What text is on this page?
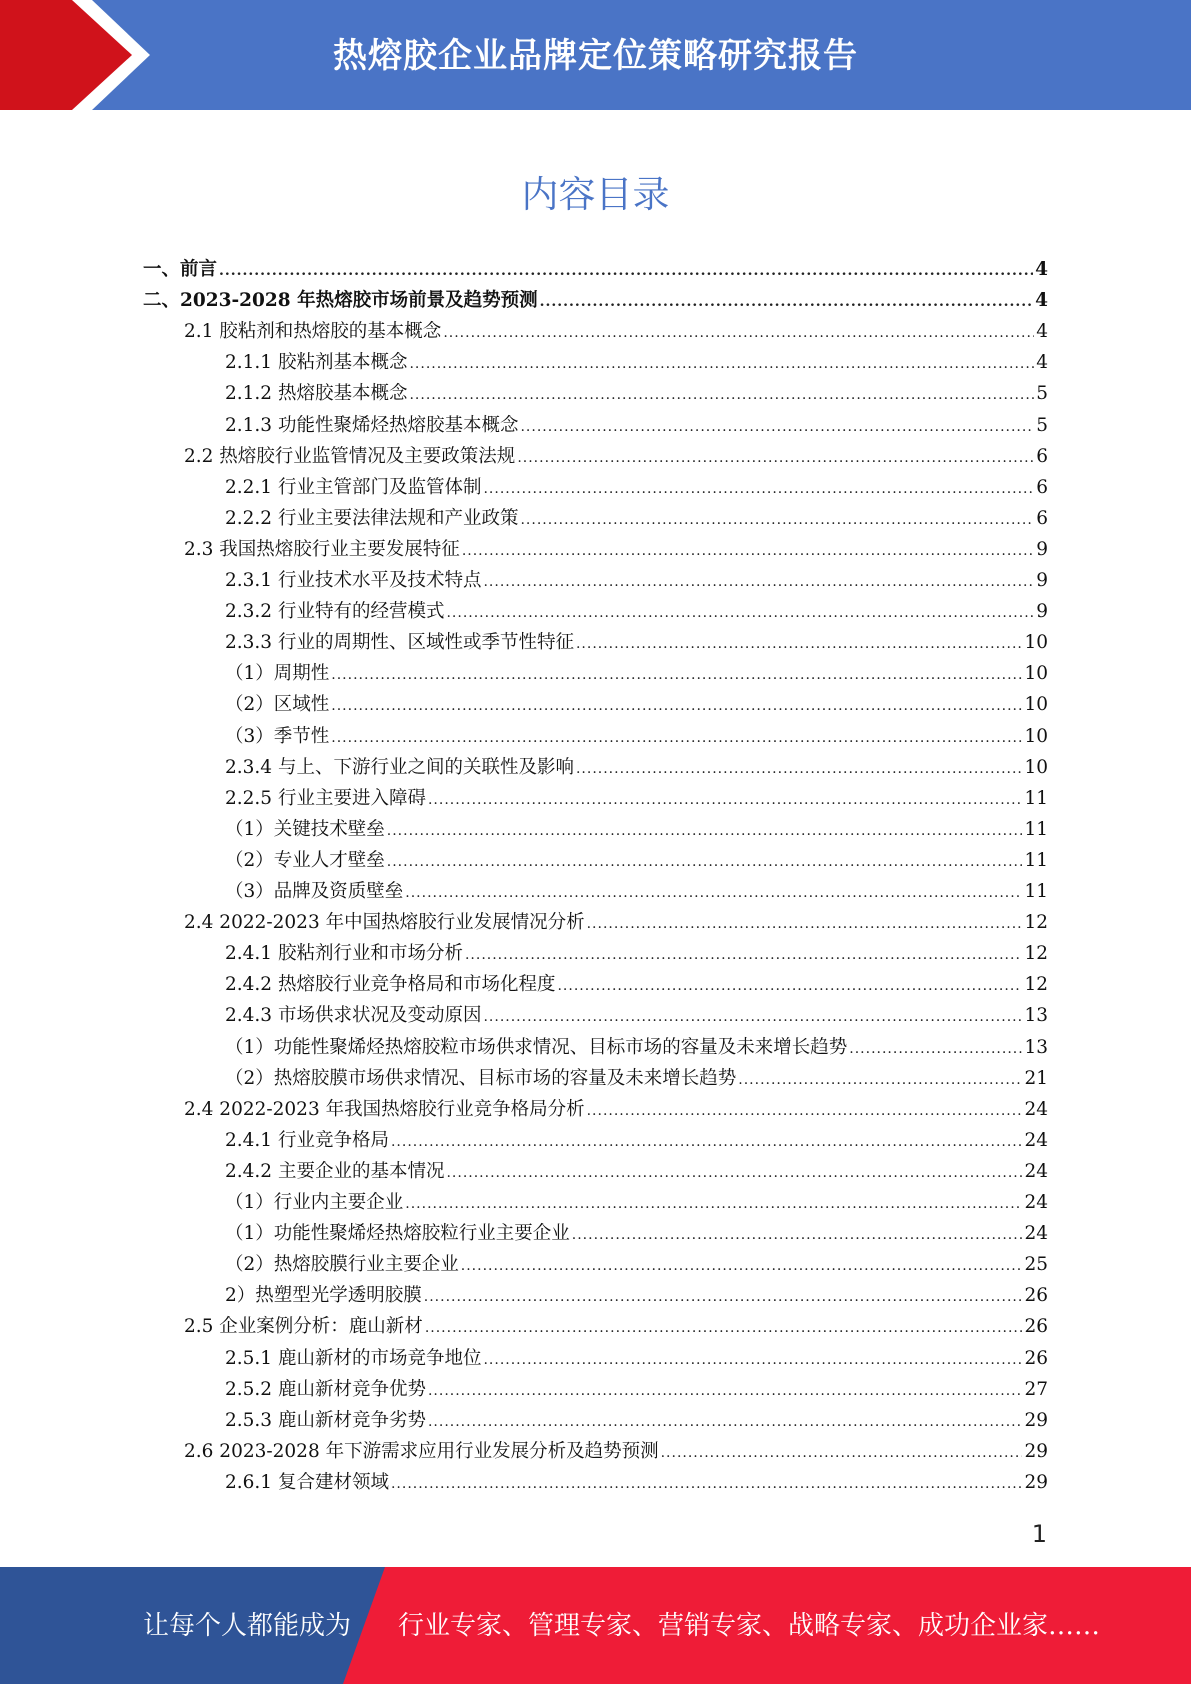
热熔胶企业品牌定位策略研究报告
内容目录
一、前言 .....	4
二、2023-2028 年热熔胶市场前景及趋势预测 .....	4
2.1 胶粘剂和热熔胶的基本概念 .....	4
2.1.1 胶粘剂基本概念 .....	4
2.1.2 热熔胶基本概念 .....	5
2.1.3 功能性聚烯烃热熔胶基本概念 .....	5
2.2 热熔胶行业监管情况及主要政策法规 .....	6
2.2.1 行业主管部门及监管体制 .....	6
2.2.2 行业主要法律法规和产业政策 .....	6
2.3 我国热熔胶行业主要发展特征 .....	9
2.3.1 行业技术水平及技术特点 .....	9
2.3.2 行业特有的经营模式 .....	9
2.3.3 行业的周期性、区域性或季节性特征 .....	10
（1）周期性 .....	10
（2）区域性 .....	10
（3）季节性 .....	10
2.3.4 与上、下游行业之间的关联性及影响 .....	10
2.2.5 行业主要进入障碍 .....	11
（1）关键技术壁垒 .....	11
（2）专业人才壁垒 .....	11
（3）品牌及资质壁垒 .....	11
2.4 2022-2023 年中国热熔胶行业发展情况分析 .....	12
2.4.1 胶粘剂行业和市场分析 .....	12
2.4.2 热熔胶行业竞争格局和市场化程度 .....	12
2.4.3 市场供求状况及变动原因 .....	13
（1）功能性聚烯烃热熔胶粒市场供求情况、目标市场的容量及未来增长趋势 .....	13
（2）热熔胶膜市场供求情况、目标市场的容量及未来增长趋势 .....	21
2.4 2022-2023 年我国热熔胶行业竞争格局分析 .....	24
2.4.1 行业竞争格局 .....	24
2.4.2 主要企业的基本情况 .....	24
（1）行业内主要企业 .....	24
（1）功能性聚烯烃热熔胶粒行业主要企业 .....	24
（2）热熔胶膜行业主要企业 .....	25
2）热塑型光学透明胶膜 .....	26
2.5 企业案例分析：鹿山新材 .....	26
2.5.1 鹿山新材的市场竞争地位 .....	26
2.5.2 鹿山新材竞争优势 .....	27
2.5.3 鹿山新材竞争劣势 .....	29
2.6 2023-2028 年下游需求应用行业发展分析及趋势预测 .....	29
2.6.1 复合建材领域 .....	29
1
让每个人都能成为 行业专家、管理专家、营销专家、战略专家、成功企业家……
